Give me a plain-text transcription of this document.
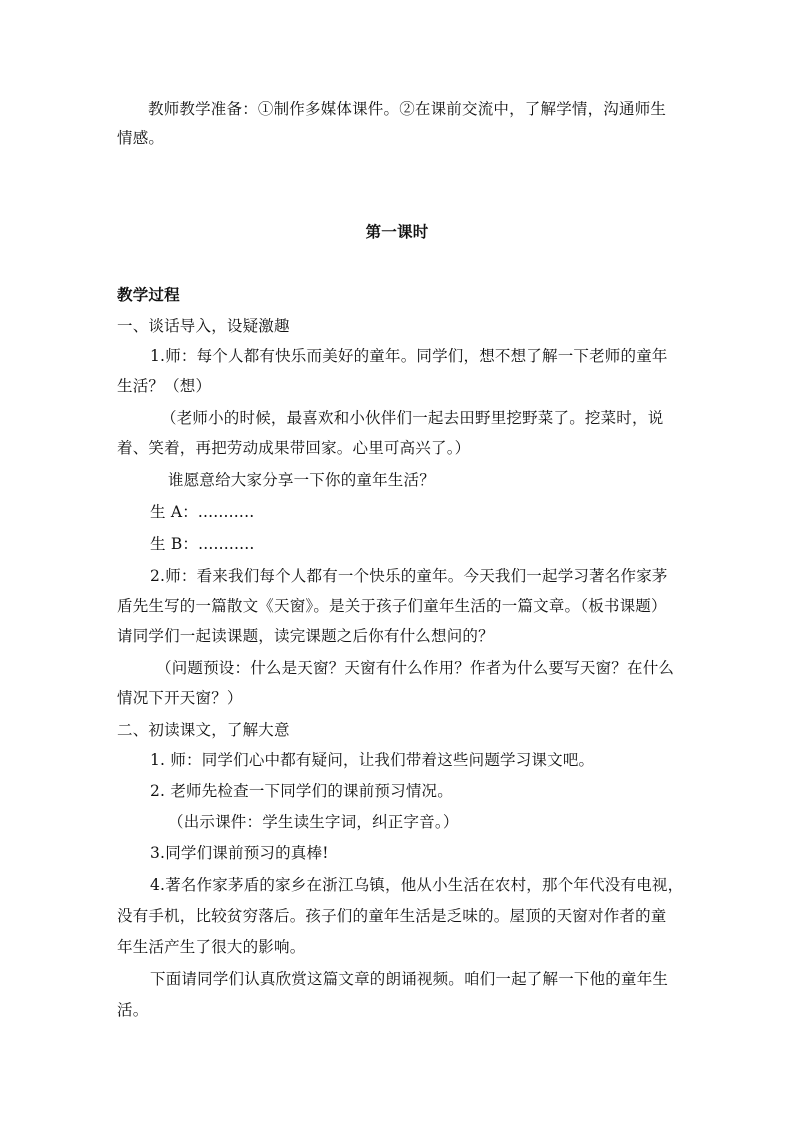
教师教学准备：①制作多媒体课件。②在课前交流中，了解学情，沟通师生
情感。
第一课时
教学过程
一、谈话导入，设疑激趣
1.师：每个人都有快乐而美好的童年。同学们，想不想了解一下老师的童年
生活？（想）
（老师小的时候，最喜欢和小伙伴们一起去田野里挖野菜了。挖菜时，说
着、笑着，再把劳动成果带回家。心里可高兴了。）
谁愿意给大家分享一下你的童年生活？
生 A：...........
生 B：...........
2.师：看来我们每个人都有一个快乐的童年。今天我们一起学习著名作家茅
盾先生写的一篇散文《天窗》。是关于孩子们童年生活的一篇文章。（板书课题）
请同学们一起读课题，读完课题之后你有什么想问的？
（问题预设：什么是天窗？天窗有什么作用？作者为什么要写天窗？在什么
情况下开天窗？）
二、初读课文，了解大意
1. 师：同学们心中都有疑问，让我们带着这些问题学习课文吧。
2. 老师先检查一下同学们的课前预习情况。
（出示课件：学生读生字词，纠正字音。）
3.同学们课前预习的真棒!
4.著名作家茅盾的家乡在浙江乌镇，他从小生活在农村，那个年代没有电视，
没有手机，比较贫穷落后。孩子们的童年生活是乏味的。屋顶的天窗对作者的童
年生活产生了很大的影响。
下面请同学们认真欣赏这篇文章的朗诵视频。咱们一起了解一下他的童年生
活。
